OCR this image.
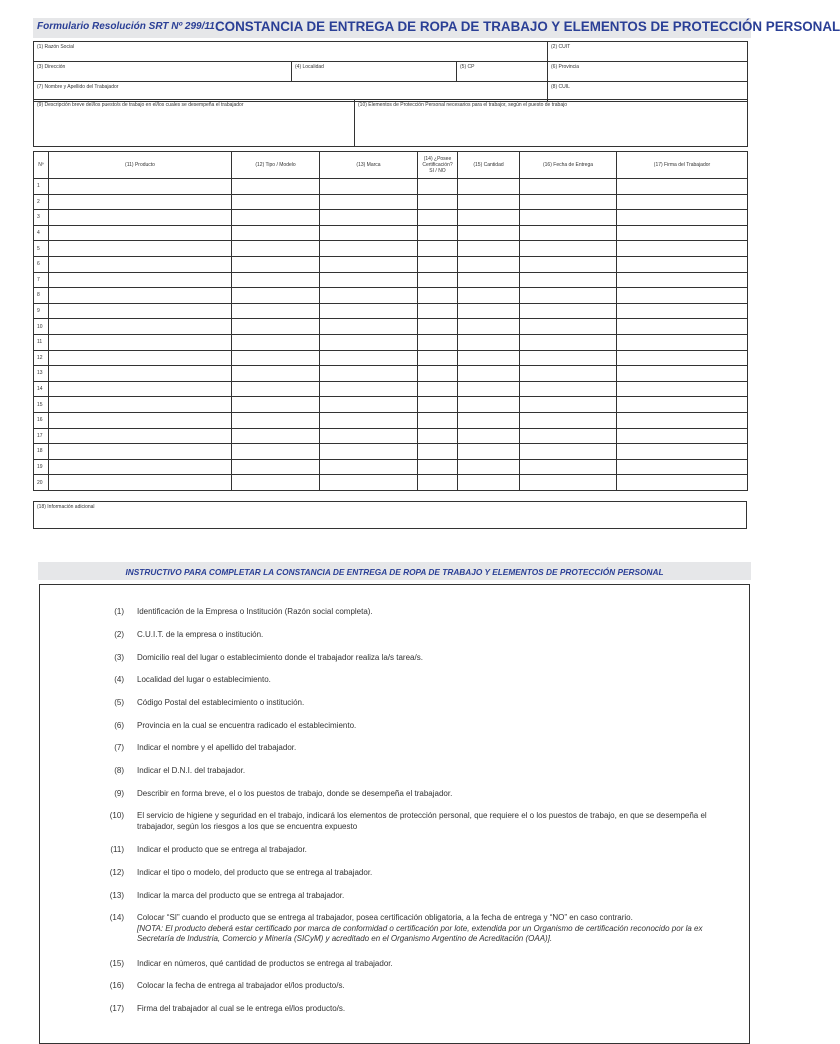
Formulario Resolución SRT Nº 299/11 CONSTANCIA DE ENTREGA DE ROPA DE TRABAJO Y ELEMENTOS DE PROTECCIÓN PERSONAL
(1) Razón Social			(2) CUIT

(3) Dirección	(4) Localidad	(5) CP	(6) Provincia

(7) Nombre y Apellido del Trabajador			(8) CUIL
(9) Descripción breve del/los puesto/s de trabajo en el/los cuales se desempeña el trabajador	(10) Elementos de Protección Personal necesarios para el trabajor, según el puesto de trabajo
Nº	(11) Producto	(12) Tipo / Modelo	(13) Marca	(14) ¿Posee
Certificación?
SI / NO	(15) Cantidad	(16) Fecha de Entrega	(17) Firma del Trabajador
1							
2							
3							
4							
5							
6							
7							
8							
9							
10							
11							
12							
13							
14							
15							
16							
17							
18							
19							
20							
(18) Información adicional
INSTRUCTIVO PARA COMPLETAR LA CONSTANCIA DE ENTREGA DE ROPA DE TRABAJO Y ELEMENTOS DE PROTECCIÓN PERSONAL
(1) Identificación de la Empresa o Institución (Razón social completa).
(2) C.U.I.T. de la empresa o institución.
(3) Domicilio real del lugar o establecimiento donde el trabajador realiza la/s tarea/s.
(4) Localidad del lugar o establecimiento.
(5) Código Postal del establecimiento o institución.
(6) Provincia en la cual se encuentra radicado el establecimiento.
(7) Indicar el nombre y el apellido del trabajador.
(8) Indicar el D.N.I. del trabajador.
(9) Describir en forma breve, el o los puestos de trabajo, donde se desempeña el trabajador.
(10) El servicio de higiene y seguridad en el trabajo, indicará los elementos de protección personal, que requiere el o los puestos de trabajo, en que se desempeña el trabajador, según los riesgos a los que se encuentra expuesto
(11) Indicar el producto que se entrega al trabajador.
(12) Indicar el tipo o modelo, del producto que se entrega al trabajador.
(13) Indicar la marca del producto que se entrega al trabajador.
(14) Colocar “SI” cuando el producto que se entrega al trabajador, posea certificación obligatoria, a la fecha de entrega y “NO” en caso contrario.
[NOTA: El producto deberá estar certificado por marca de conformidad o certificación por lote, extendida por un Organismo de certificación reconocido por la ex Secretaría de Industria, Comercio y Minería (SICyM) y acreditado en el Organismo Argentino de Acreditación (OAA)].
(15) Indicar en números, qué cantidad de productos se entrega al trabajador.
(16) Colocar la fecha de entrega al trabajador el/los producto/s.
(17) Firma del trabajador al cual se le entrega el/los producto/s.
